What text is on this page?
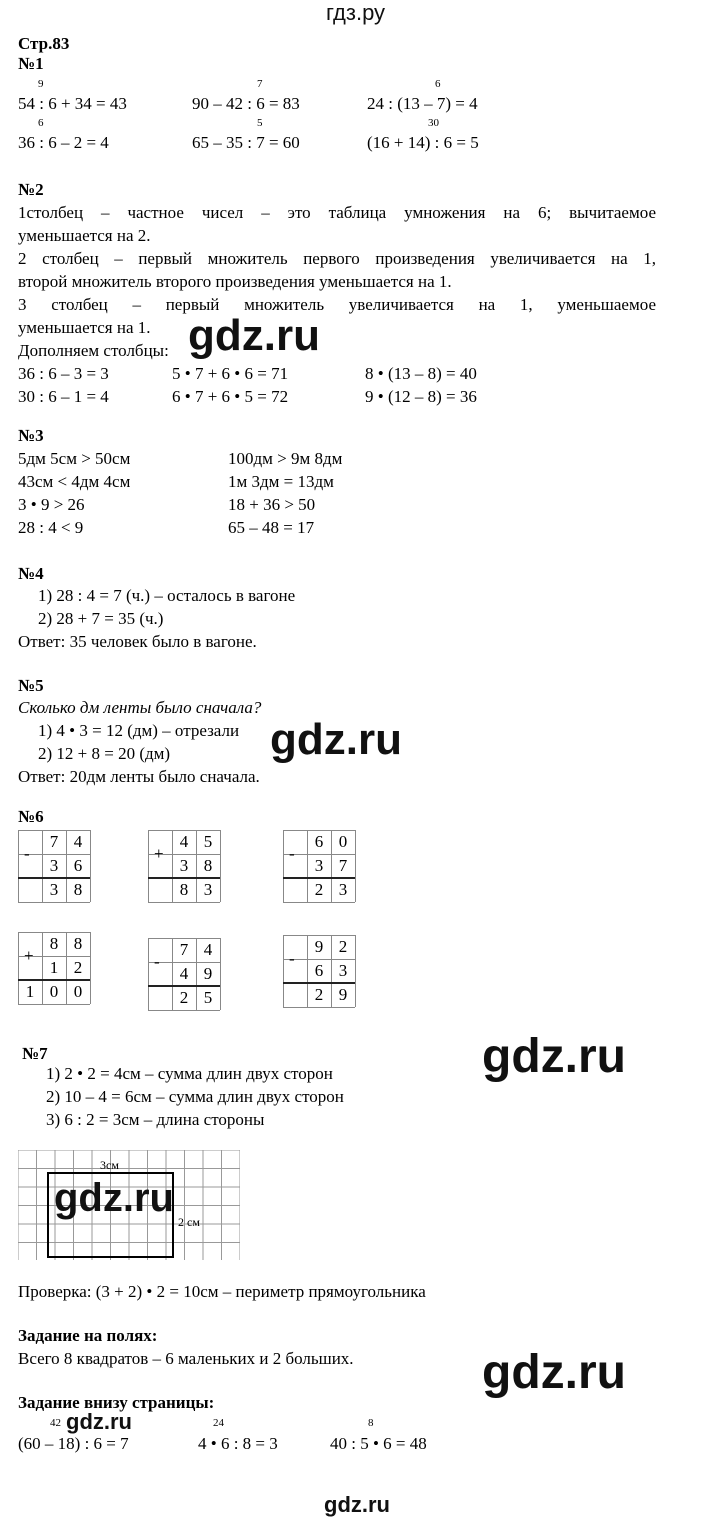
гдз.ру
Стр.83
№1
9	7	6
54 : 6 + 34 = 43	90 – 42 : 6 = 83	24 : (13 – 7) = 4
6	5	30
36 : 6 – 2 = 4	65 – 35 : 7 = 60	(16 + 14) : 6 = 5
№2
1столбец – частное чисел – это таблица умножения на 6; вычитаемое
уменьшается на 2.
2 столбец – первый множитель первого произведения увеличивается на 1,
второй множитель второго произведения уменьшается на 1.
3 столбец – первый множитель увеличивается на 1, уменьшаемое
уменьшается на 1.
Дополняем столбцы: gdz.ru
36 : 6 – 3 = 3	5 • 7 + 6 • 6 = 71	8 • (13 – 8) = 40
30 : 6 – 1 = 4	6 • 7 + 6 • 5 = 72	9 • (12 – 8) = 36
№3
5дм 5см > 50см	100дм > 9м 8дм
43см < 4дм 4см	1м 3дм = 13дм
3 • 9 > 26	18 + 36 > 50
28 : 4 < 9	65 – 48 = 17
№4
1) 28 : 4 = 7 (ч.) – осталось в вагоне
2) 28 + 7 = 35 (ч.)
Ответ: 35 человек было в вагоне.
№5
Сколько дм ленты было сначала?
1) 4 • 3 = 12 (дм) – отрезали
2) 12 + 8 = 20 (дм)
Ответ: 20дм ленты было сначала.
gdz.ru
№6
-
7 4
3 6
3 8
+
4 5
3 8
8 3
-
6 0
3 7
2 3
+
8 8
1 2
1 0 0
-
7 4
4 9
2 5
-
9 2
6 3
2 9
№7
1) 2 • 2 = 4см – сумма длин двух сторон
2) 10 – 4 = 6см – сумма длин двух сторон
3) 6 : 2 = 3см – длина стороны
gdz.ru
3см
2 см
gdz.ru
Проверка: (3 + 2) • 2 = 10см – периметр прямоугольника
Задание на полях:
Всего 8 квадратов – 6 маленьких и 2 больших.	gdz.ru
Задание внизу страницы:
42 gdz.ru	24	8
(60 – 18) : 6 = 7	4 • 6 : 8 = 3	40 : 5 • 6 = 48
gdz.ru
